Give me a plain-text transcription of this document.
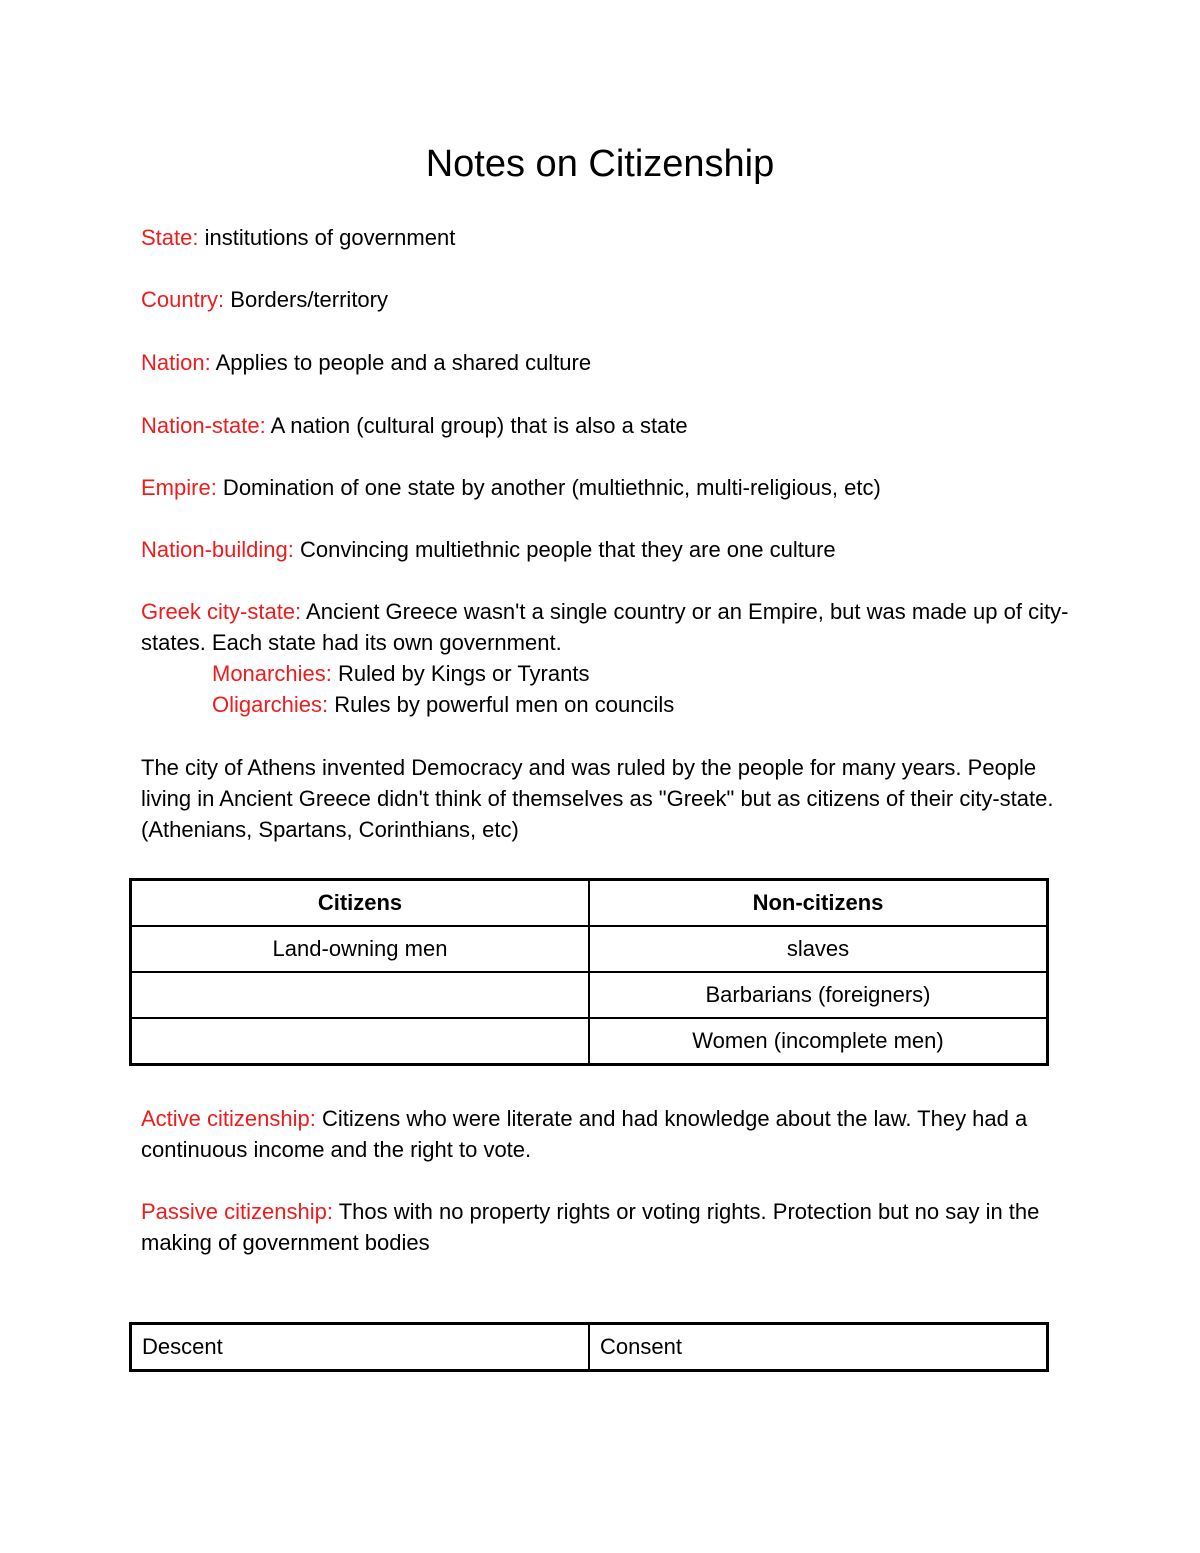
Notes on Citizenship

State: institutions of government

Country: Borders/territory

Nation: Applies to people and a shared culture

Nation-state: A nation (cultural group) that is also a state

Empire: Domination of one state by another (multiethnic, multi-religious, etc)

Nation-building: Convincing multiethnic people that they are one culture

Greek city-state: Ancient Greece wasn't a single country or an Empire, but was made up of city-states. Each state had its own government.

Monarchies: Ruled by Kings or Tyrants

Oligarchies: Rules by powerful men on councils

The city of Athens invented Democracy and was ruled by the people for many years. People living in Ancient Greece didn't think of themselves as "Greek" but as citizens of their city-state. (Athenians, Spartans, Corinthians, etc)

Citizens	Non-citizens
Land-owning men	slaves
	Barbarians (foreigners)
	Women (incomplete men)

Active citizenship: Citizens who were literate and had knowledge about the law. They had a continuous income and the right to vote.

Passive citizenship: Thos with no property rights or voting rights. Protection but no say in the making of government bodies

Descent	Consent
